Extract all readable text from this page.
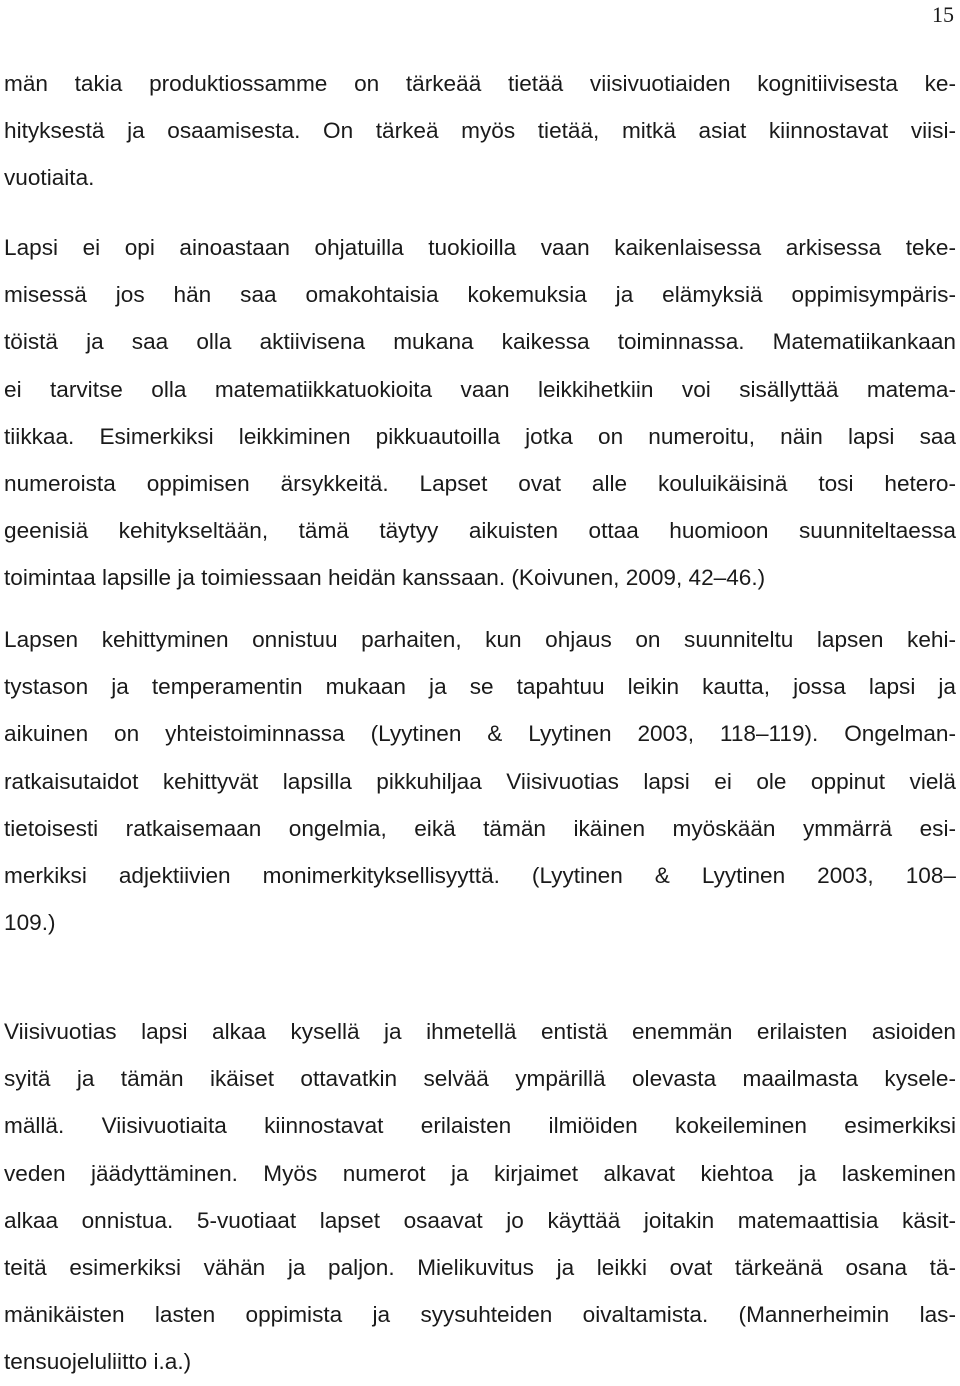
15
män takia produktiossamme on tärkeää tietää viisivuotiaiden kognitiivisesta ke-
hityksestä ja osaamisesta. On tärkeä myös tietää, mitkä asiat kiinnostavat viisi-
vuotiaita.
Lapsi ei opi ainoastaan ohjatuilla tuokioilla vaan kaikenlaisessa arkisessa teke-
misessä jos hän saa omakohtaisia kokemuksia ja elämyksiä oppimisympäris-
töistä ja saa olla aktiivisena mukana kaikessa toiminnassa. Matematiikankaan
ei tarvitse olla matematiikkatuokioita vaan leikkihetkiin voi sisällyttää matema-
tiikkaa. Esimerkiksi leikkiminen pikkuautoilla jotka on numeroitu, näin lapsi saa
numeroista oppimisen ärsykkeitä. Lapset ovat alle kouluikäisinä tosi hetero-
geenisiä kehitykseltään, tämä täytyy aikuisten ottaa huomioon suunniteltaessa
toimintaa lapsille ja toimiessaan heidän kanssaan. (Koivunen, 2009, 42–46.)
Lapsen kehittyminen onnistuu parhaiten, kun ohjaus on suunniteltu lapsen kehi-
tystason ja temperamentin mukaan ja se tapahtuu leikin kautta, jossa lapsi ja
aikuinen on yhteistoiminnassa (Lyytinen & Lyytinen 2003, 118–119). Ongelman-
ratkaisutaidot kehittyvät lapsilla pikkuhiljaa Viisivuotias lapsi ei ole oppinut vielä
tietoisesti ratkaisemaan ongelmia, eikä tämän ikäinen myöskään ymmärrä esi-
merkiksi adjektiivien monimerkityksellisyyttä. (Lyytinen & Lyytinen 2003, 108–
109.)
Viisivuotias lapsi alkaa kysellä ja ihmetellä entistä enemmän erilaisten asioiden
syitä ja tämän ikäiset ottavatkin selvää ympärillä olevasta maailmasta kysele-
mällä. Viisivuotiaita kiinnostavat erilaisten ilmiöiden kokeileminen esimerkiksi
veden jäädyttäminen. Myös numerot ja kirjaimet alkavat kiehtoa ja laskeminen
alkaa onnistua. 5-vuotiaat lapset osaavat jo käyttää joitakin matemaattisia käsit-
teitä esimerkiksi vähän ja paljon. Mielikuvitus ja leikki ovat tärkeänä osana tä-
mänikäisten lasten oppimista ja syysuhteiden oivaltamista. (Mannerheimin las-
tensuojeluliitto i.a.)
